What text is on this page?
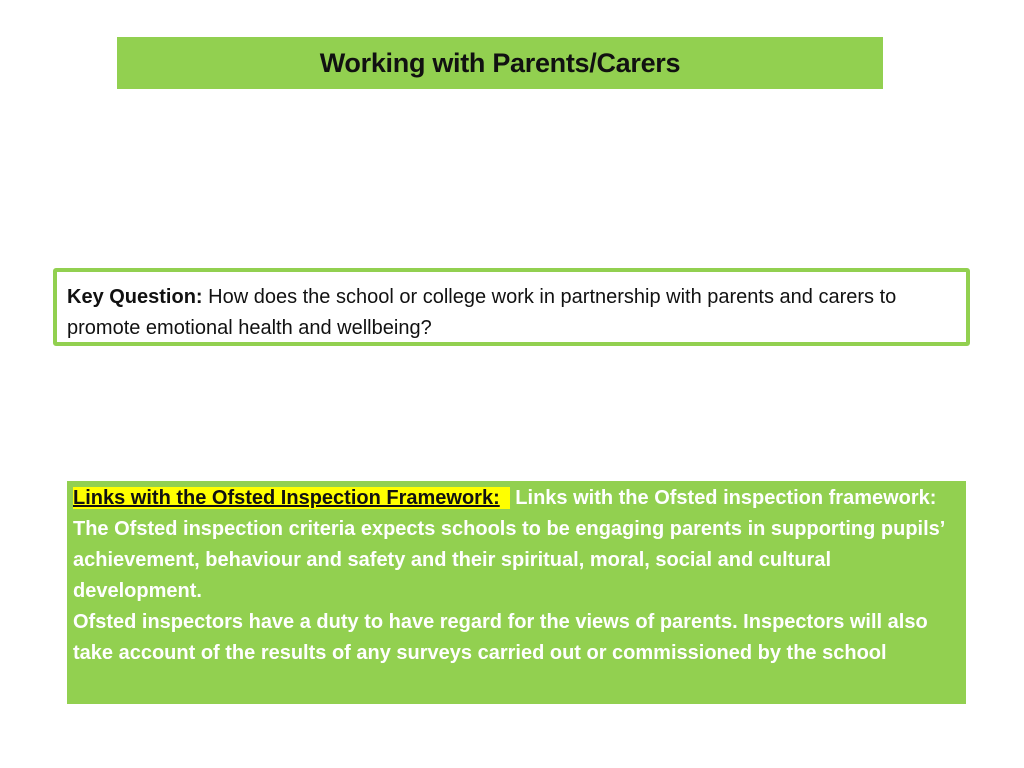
Working with Parents/Carers
Key Question: How does the school or college work in partnership with parents and carers to promote emotional health and wellbeing?
Links with the Ofsted Inspection Framework: Links with the Ofsted inspection framework: The Ofsted inspection criteria expects schools to be engaging parents in supporting pupils’ achievement, behaviour and safety and their spiritual, moral, social and cultural development.
Ofsted inspectors have a duty to have regard for the views of parents. Inspectors will also take account of the results of any surveys carried out or commissioned by the school
